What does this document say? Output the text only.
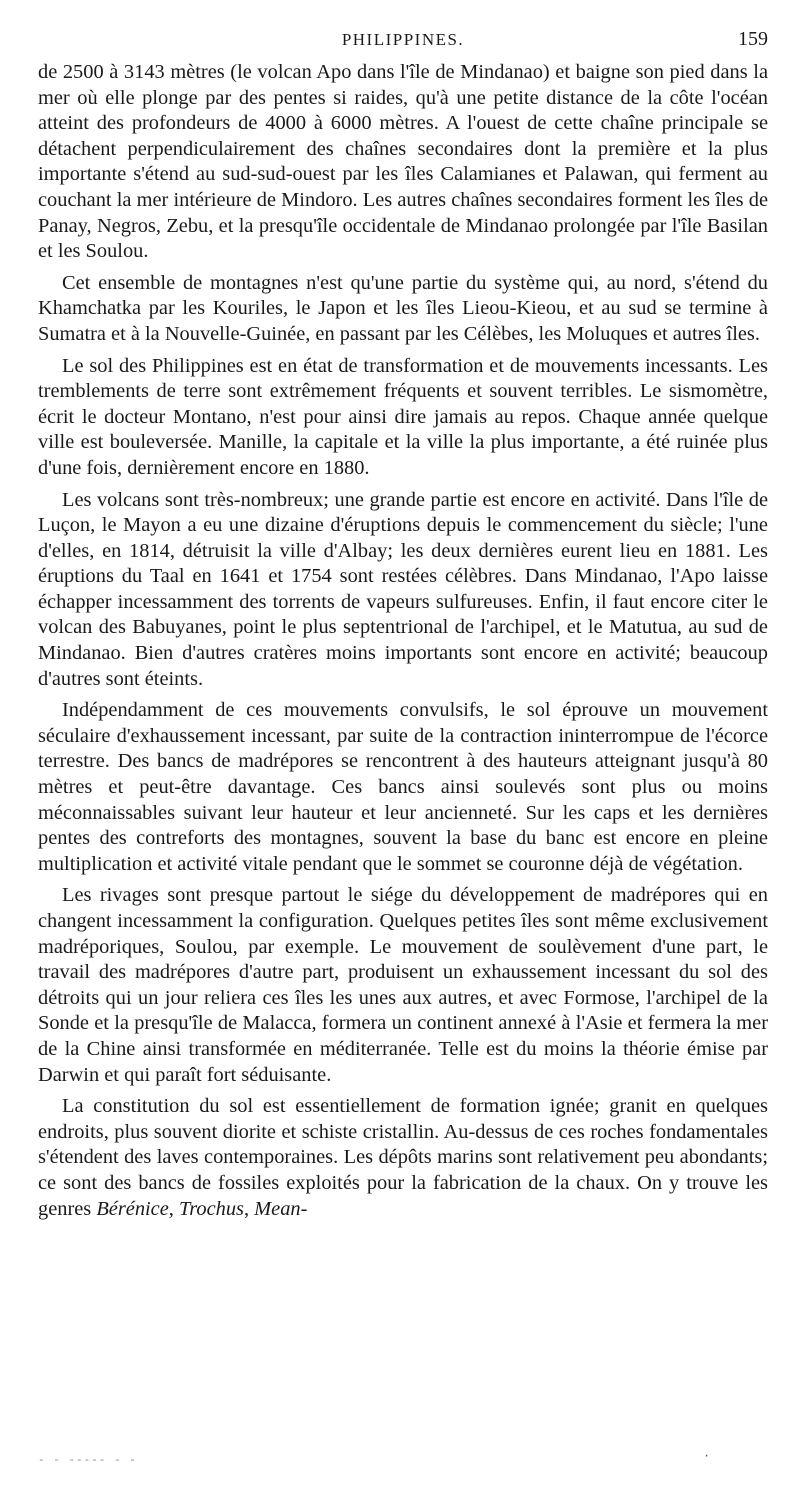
PHILIPPINES.	159

de 2500 à 3143 mètres (le volcan Apo dans l'île de Mindanao) et baigne son pied dans la mer où elle plonge par des pentes si raides, qu'à une petite distance de la côte l'océan atteint des profondeurs de 4000 à 6000 mètres. A l'ouest de cette chaîne principale se détachent perpendiculairement des chaînes secondaires dont la première et la plus importante s'étend au sud-sud-ouest par les îles Calamianes et Palawan, qui ferment au couchant la mer intérieure de Mindoro. Les autres chaînes secondaires forment les îles de Panay, Negros, Zebu, et la presqu'île occidentale de Mindanao prolongée par l'île Basilan et les Soulou.

Cet ensemble de montagnes n'est qu'une partie du système qui, au nord, s'étend du Khamchatka par les Kouriles, le Japon et les îles Lieou-Kieou, et au sud se termine à Sumatra et à la Nouvelle-Guinée, en passant par les Célèbes, les Moluques et autres îles.

Le sol des Philippines est en état de transformation et de mouvements incessants. Les tremblements de terre sont extrêmement fréquents et souvent terribles. Le sismomètre, écrit le docteur Montano, n'est pour ainsi dire jamais au repos. Chaque année quelque ville est bouleversée. Manille, la capitale et la ville la plus importante, a été ruinée plus d'une fois, dernièrement encore en 1880.

Les volcans sont très-nombreux; une grande partie est encore en activité. Dans l'île de Luçon, le Mayon a eu une dizaine d'éruptions depuis le commencement du siècle; l'une d'elles, en 1814, détruisit la ville d'Albay; les deux dernières eurent lieu en 1881. Les éruptions du Taal en 1641 et 1754 sont restées célèbres. Dans Mindanao, l'Apo laisse échapper incessamment des torrents de vapeurs sulfureuses. Enfin, il faut encore citer le volcan des Babuyanes, point le plus septentrional de l'archipel, et le Matutua, au sud de Mindanao. Bien d'autres cratères moins importants sont encore en activité; beaucoup d'autres sont éteints.

Indépendamment de ces mouvements convulsifs, le sol éprouve un mouvement séculaire d'exhaussement incessant, par suite de la contraction ininterrompue de l'écorce terrestre. Des bancs de madrépores se rencontrent à des hauteurs atteignant jusqu'à 80 mètres et peut-être davantage. Ces bancs ainsi soulevés sont plus ou moins méconnaissables suivant leur hauteur et leur ancienneté. Sur les caps et les dernières pentes des contreforts des montagnes, souvent la base du banc est encore en pleine multiplication et activité vitale pendant que le sommet se couronne déjà de végétation.

Les rivages sont presque partout le siége du développement de madrépores qui en changent incessamment la configuration. Quelques petites îles sont même exclusivement madréporiques, Soulou, par exemple. Le mouvement de soulèvement d'une part, le travail des madrépores d'autre part, produisent un exhaussement incessant du sol des détroits qui un jour reliera ces îles les unes aux autres, et avec Formose, l'archipel de la Sonde et la presqu'île de Malacca, formera un continent annexé à l'Asie et fermera la mer de la Chine ainsi transformée en méditerranée. Telle est du moins la théorie émise par Darwin et qui paraît fort séduisante.

La constitution du sol est essentiellement de formation ignée; granit en quelques endroits, plus souvent diorite et schiste cristallin. Au-dessus de ces roches fondamentales s'étendent des laves contemporaines. Les dépôts marins sont relativement peu abondants; ce sont des bancs de fossiles exploités pour la fabrication de la chaux. On y trouve les genres Bérénice, Trochus, Mean-

- - ----- - -	·
